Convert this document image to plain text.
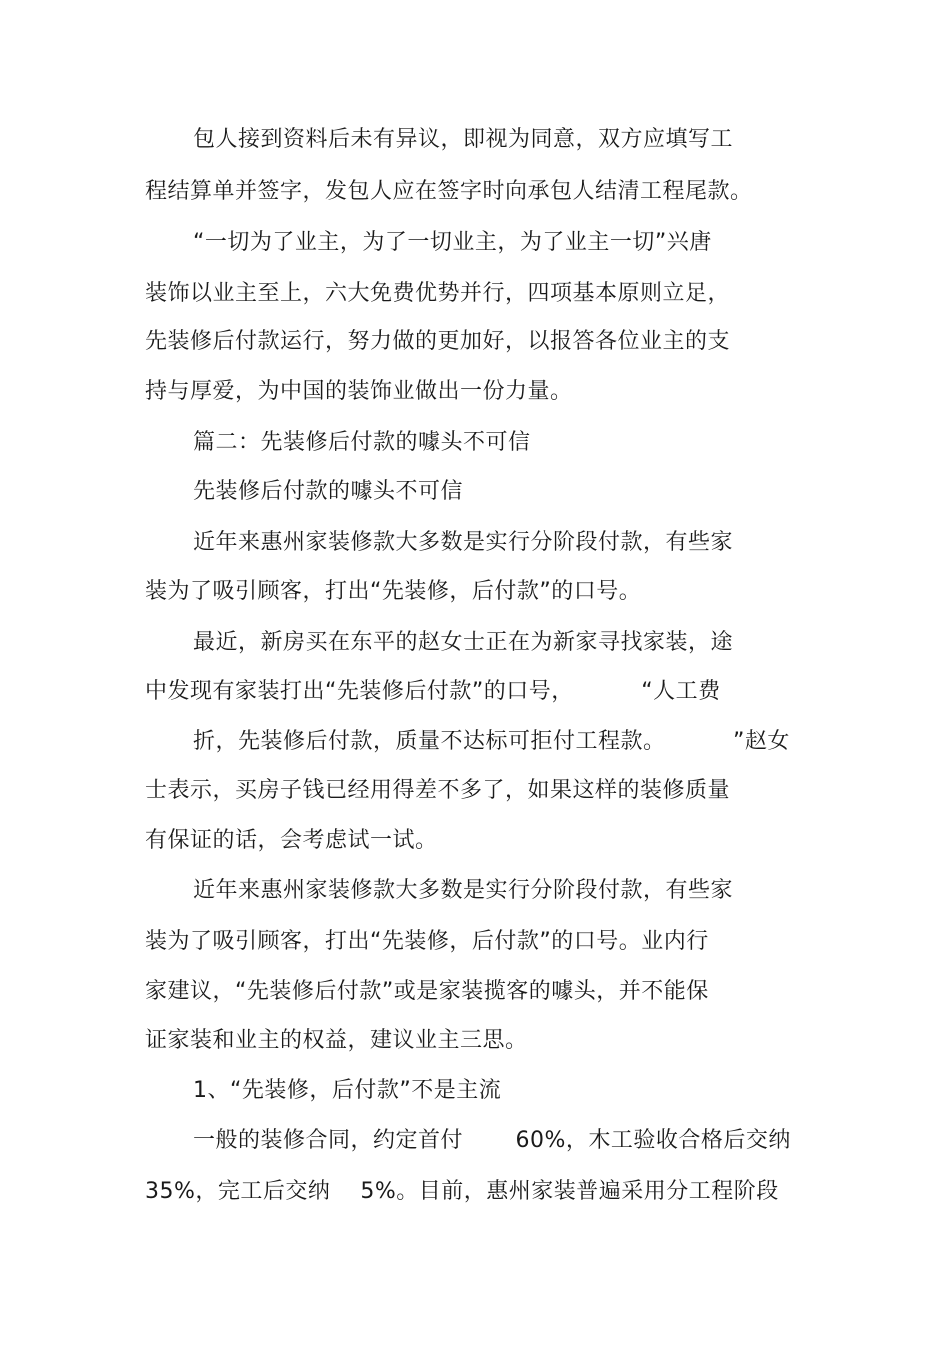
包人接到资料后未有异议，即视为同意，双方应填写工
程结算单并签字，发包人应在签字时向承包人结清工程尾款。
“一切为了业主，为了一切业主，为了业主一切”兴唐
装饰以业主至上，六大免费优势并行，四项基本原则立足，
先装修后付款运行，努力做的更加好，以报答各位业主的支
持与厚爱，为中国的装饰业做出一份力量。
篇二：先装修后付款的噱头不可信
先装修后付款的噱头不可信
近年来惠州家装修款大多数是实行分阶段付款，有些家
装为了吸引顾客，打出“先装修，后付款”的口号。
最近，新房买在东平的赵女士正在为新家寻找家装，途
中发现有家装打出“先装修后付款”的口号，         “人工费
折，先装修后付款，质量不达标可拒付工程款。         ”赵女
士表示，买房子钱已经用得差不多了，如果这样的装修质量
有保证的话，会考虑试一试。
近年来惠州家装修款大多数是实行分阶段付款，有些家
装为了吸引顾客，打出“先装修，后付款”的口号。业内行
家建议，“先装修后付款”或是家装揽客的噱头，并不能保
证家装和业主的权益，建议业主三思。
1、“先装修，后付款”不是主流
一般的装修合同，约定首付       60%，木工验收合格后交纳
35%，完工后交纳    5%。目前，惠州家装普遍采用分工程阶段
